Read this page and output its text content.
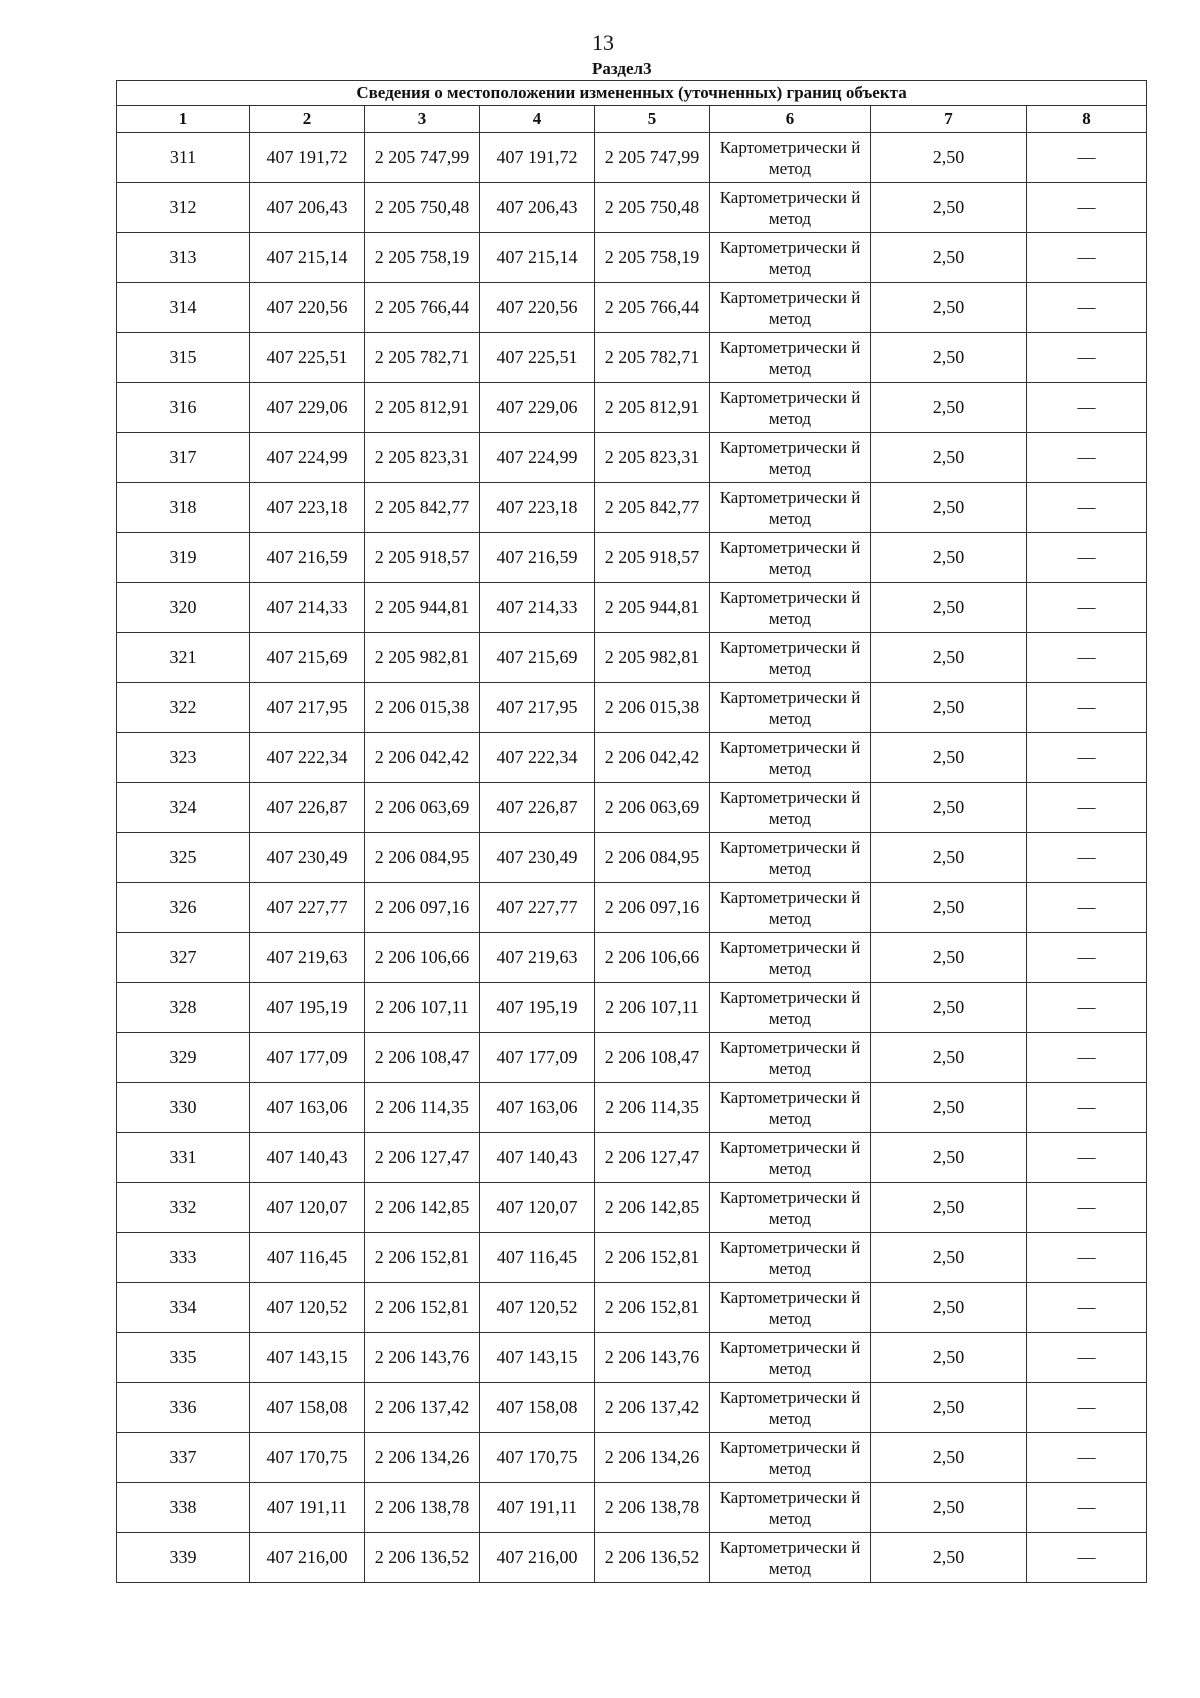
13
Раздел3
Сведения о местоположении измененных (уточненных) границ объекта							
1	2	3	4	5	6	7	8
311	407 191,72	2 205 747,99	407 191,72	2 205 747,99	Картометрически й метод	2,50	—
312	407 206,43	2 205 750,48	407 206,43	2 205 750,48	Картометрически й метод	2,50	—
313	407 215,14	2 205 758,19	407 215,14	2 205 758,19	Картометрически й метод	2,50	—
314	407 220,56	2 205 766,44	407 220,56	2 205 766,44	Картометрически й метод	2,50	—
315	407 225,51	2 205 782,71	407 225,51	2 205 782,71	Картометрически й метод	2,50	—
316	407 229,06	2 205 812,91	407 229,06	2 205 812,91	Картометрически й метод	2,50	—
317	407 224,99	2 205 823,31	407 224,99	2 205 823,31	Картометрически й метод	2,50	—
318	407 223,18	2 205 842,77	407 223,18	2 205 842,77	Картометрически й метод	2,50	—
319	407 216,59	2 205 918,57	407 216,59	2 205 918,57	Картометрически й метод	2,50	—
320	407 214,33	2 205 944,81	407 214,33	2 205 944,81	Картометрически й метод	2,50	—
321	407 215,69	2 205 982,81	407 215,69	2 205 982,81	Картометрически й метод	2,50	—
322	407 217,95	2 206 015,38	407 217,95	2 206 015,38	Картометрически й метод	2,50	—
323	407 222,34	2 206 042,42	407 222,34	2 206 042,42	Картометрически й метод	2,50	—
324	407 226,87	2 206 063,69	407 226,87	2 206 063,69	Картометрически й метод	2,50	—
325	407 230,49	2 206 084,95	407 230,49	2 206 084,95	Картометрически й метод	2,50	—
326	407 227,77	2 206 097,16	407 227,77	2 206 097,16	Картометрически й метод	2,50	—
327	407 219,63	2 206 106,66	407 219,63	2 206 106,66	Картометрически й метод	2,50	—
328	407 195,19	2 206 107,11	407 195,19	2 206 107,11	Картометрически й метод	2,50	—
329	407 177,09	2 206 108,47	407 177,09	2 206 108,47	Картометрически й метод	2,50	—
330	407 163,06	2 206 114,35	407 163,06	2 206 114,35	Картометрически й метод	2,50	—
331	407 140,43	2 206 127,47	407 140,43	2 206 127,47	Картометрически й метод	2,50	—
332	407 120,07	2 206 142,85	407 120,07	2 206 142,85	Картометрически й метод	2,50	—
333	407 116,45	2 206 152,81	407 116,45	2 206 152,81	Картометрически й метод	2,50	—
334	407 120,52	2 206 152,81	407 120,52	2 206 152,81	Картометрически й метод	2,50	—
335	407 143,15	2 206 143,76	407 143,15	2 206 143,76	Картометрически й метод	2,50	—
336	407 158,08	2 206 137,42	407 158,08	2 206 137,42	Картометрически й метод	2,50	—
337	407 170,75	2 206 134,26	407 170,75	2 206 134,26	Картометрически й метод	2,50	—
338	407 191,11	2 206 138,78	407 191,11	2 206 138,78	Картометрически й метод	2,50	—
339	407 216,00	2 206 136,52	407 216,00	2 206 136,52	Картометрически й метод	2,50	—
